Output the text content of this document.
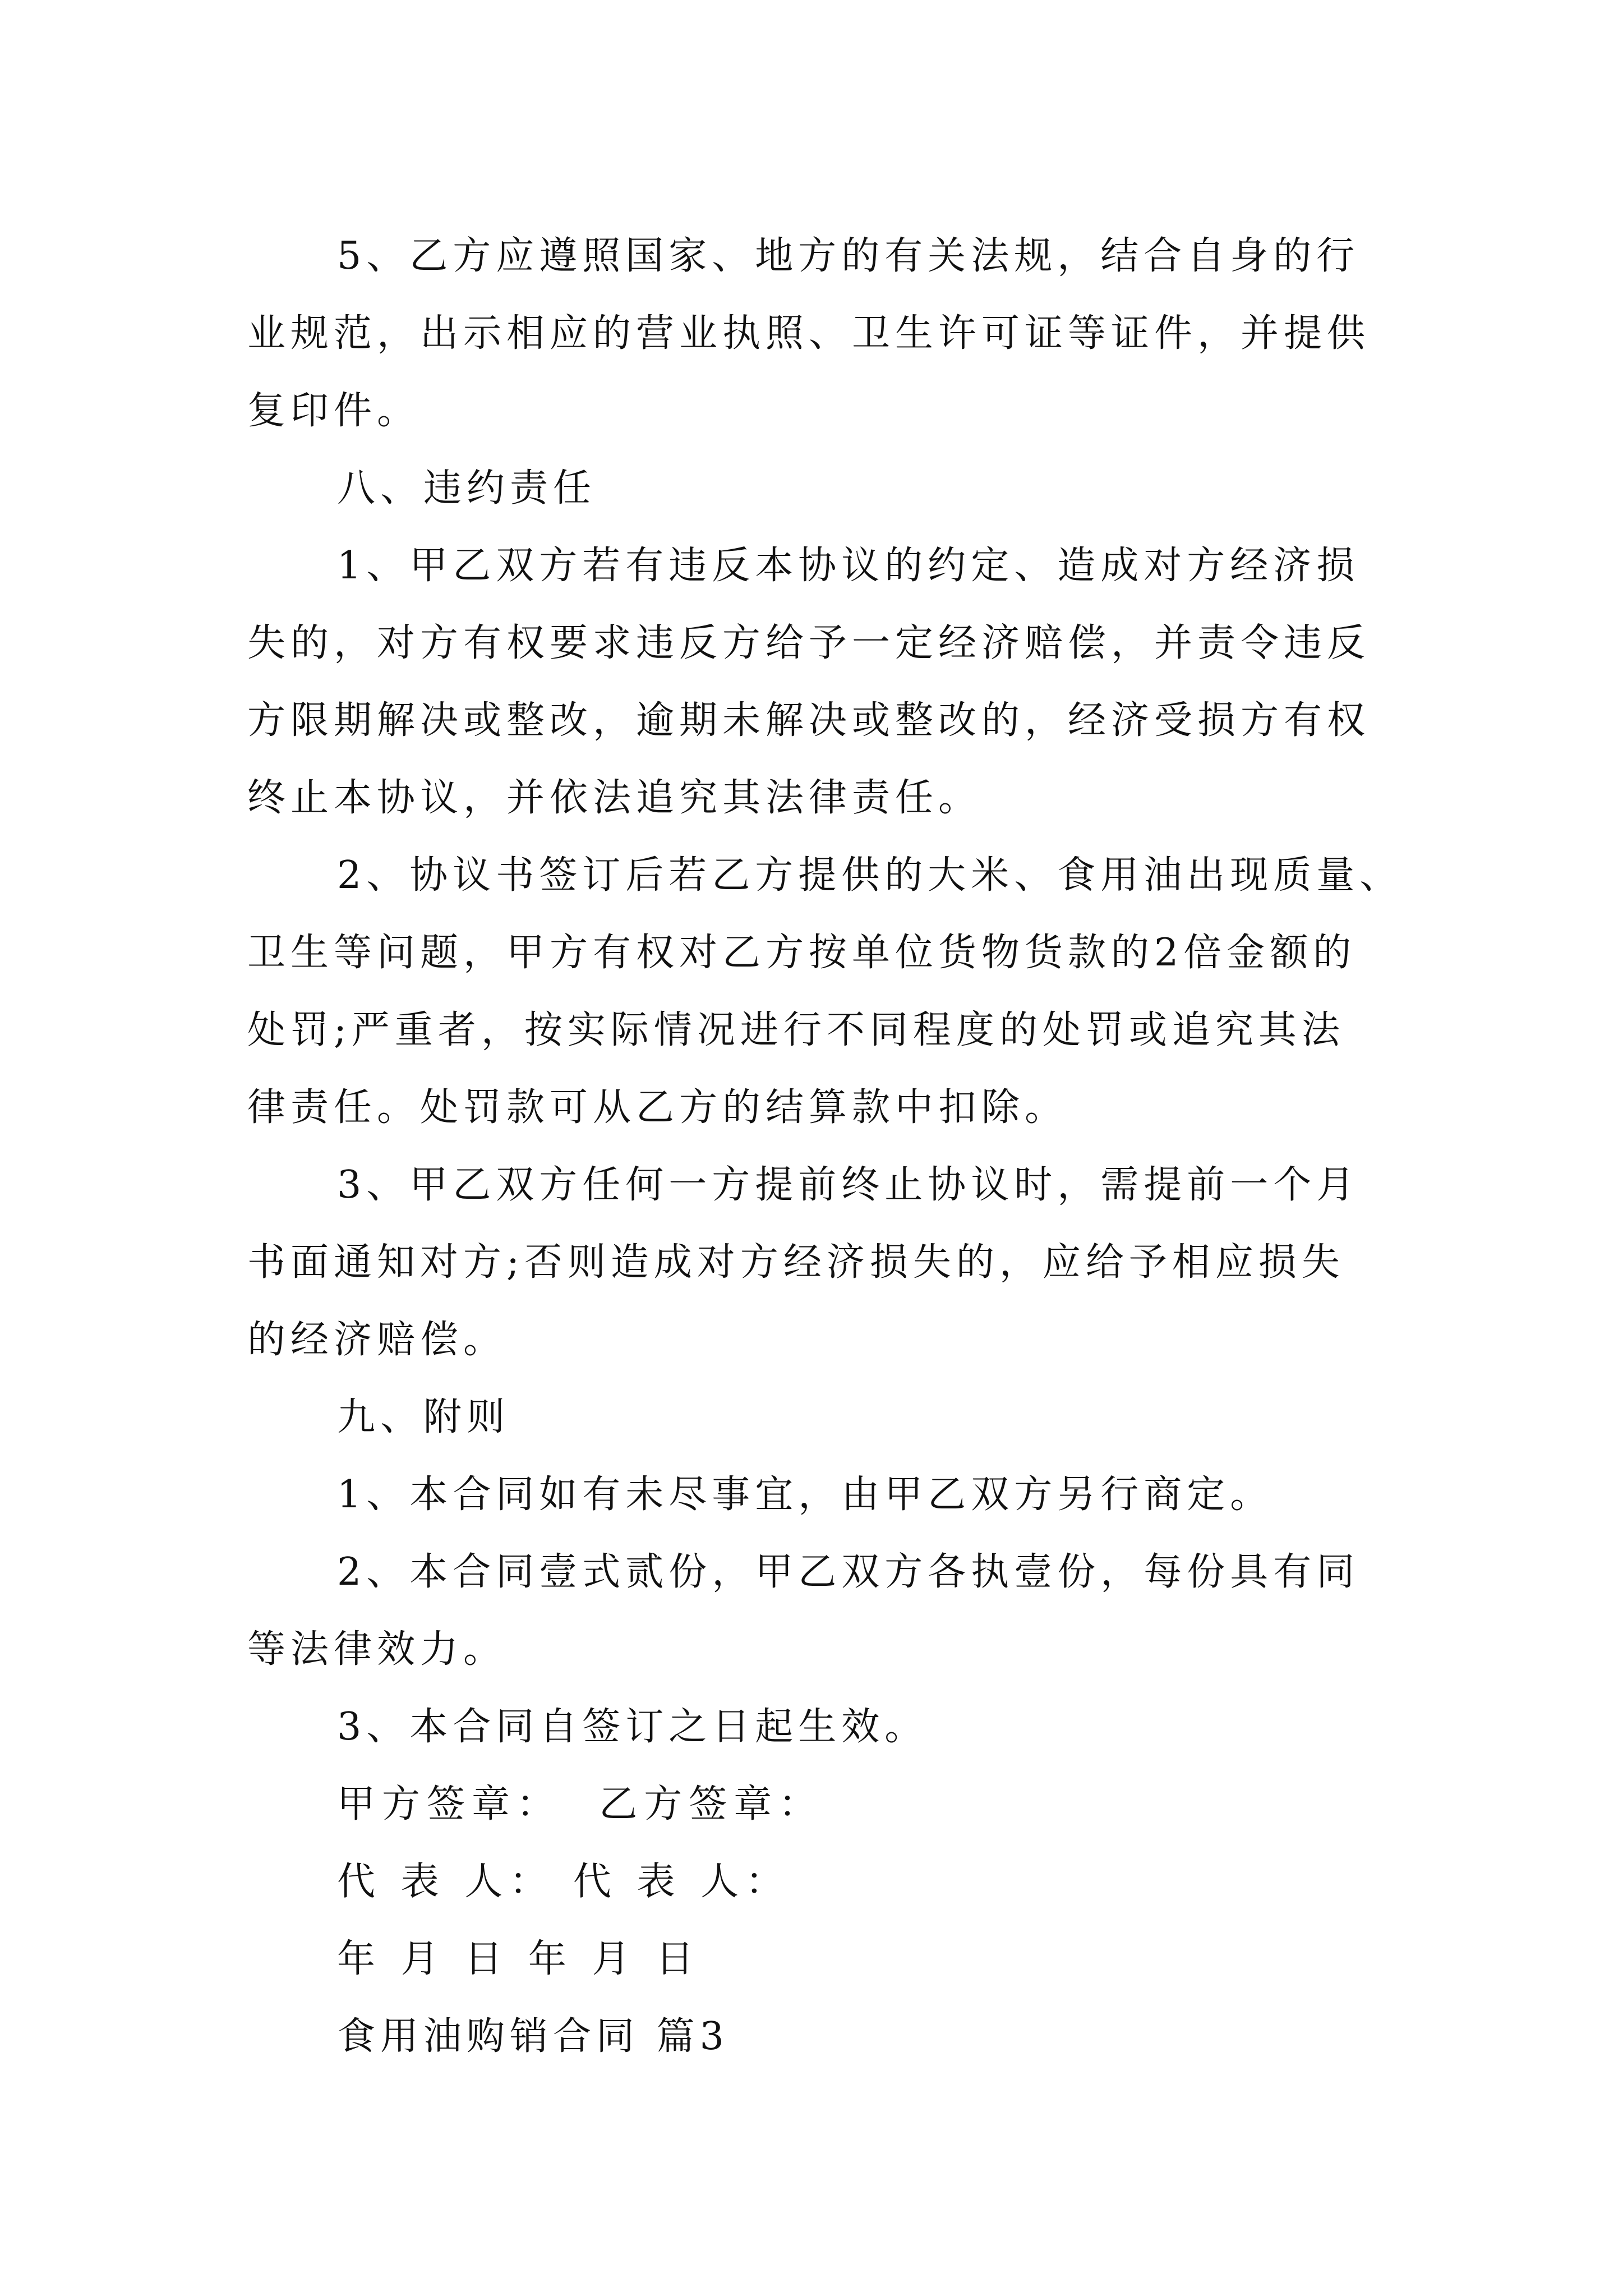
5、乙方应遵照国家、地方的有关法规，结合自身的行
业规范，出示相应的营业执照、卫生许可证等证件，并提供
复印件。
八、违约责任
1、甲乙双方若有违反本协议的约定、造成对方经济损
失的，对方有权要求违反方给予一定经济赔偿，并责令违反
方限期解决或整改，逾期未解决或整改的，经济受损方有权
终止本协议，并依法追究其法律责任。
2、协议书签订后若乙方提供的大米、食用油出现质量、
卫生等问题，甲方有权对乙方按单位货物货款的2倍金额的
处罚;严重者，按实际情况进行不同程度的处罚或追究其法
律责任。处罚款可从乙方的结算款中扣除。
3、甲乙双方任何一方提前终止协议时，需提前一个月
书面通知对方;否则造成对方经济损失的，应给予相应损失
的经济赔偿。
九、附则
1、本合同如有未尽事宜，由甲乙双方另行商定。
2、本合同壹式贰份，甲乙双方各执壹份，每份具有同
等法律效力。
3、本合同自签订之日起生效。
甲方签章：  乙方签章：
代 表 人： 代 表 人：
年 月 日 年 月 日
食用油购销合同 篇3
